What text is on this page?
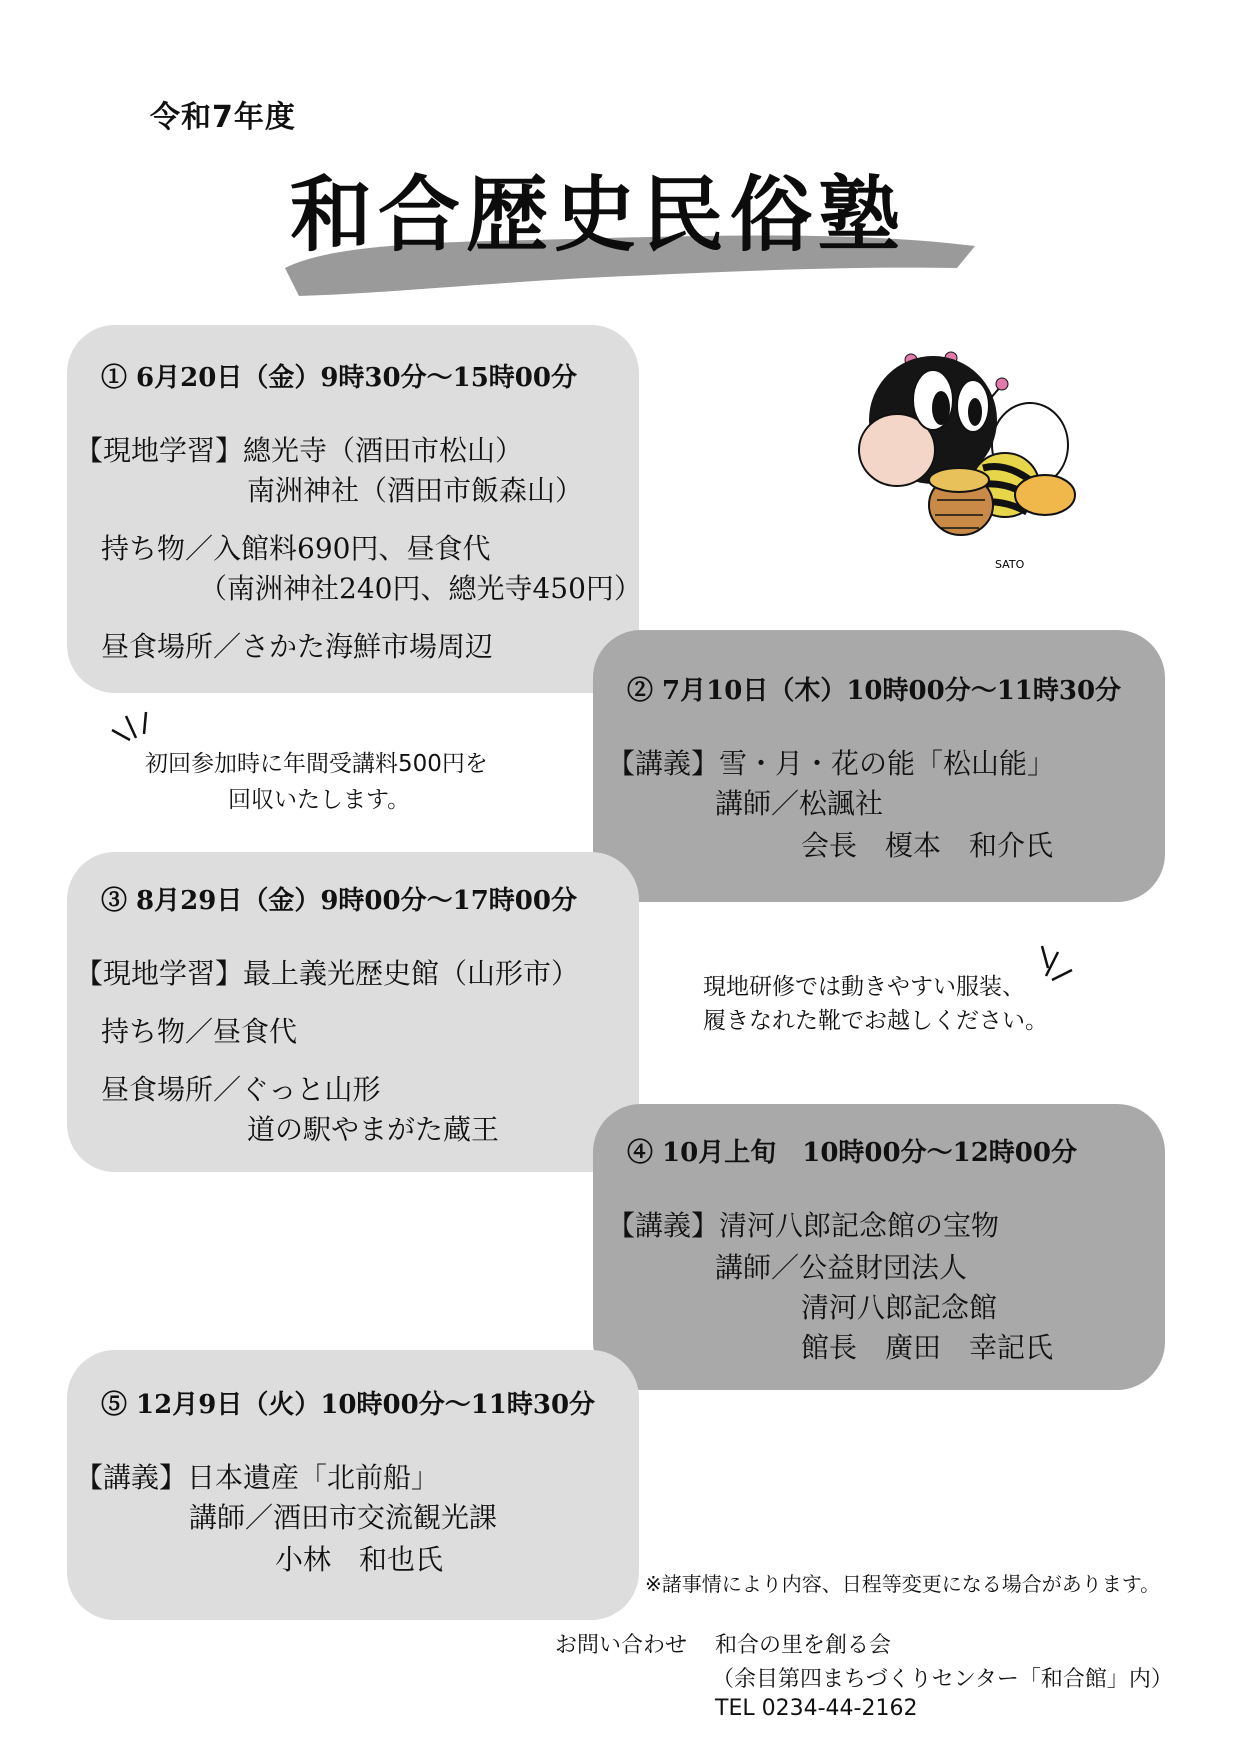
令和7年度
和合歴史民俗塾
① 6月20日（金）9時30分～15時00分
【現地学習】總光寺（酒田市松山）
南洲神社（酒田市飯森山）
持ち物／入館料690円、昼食代
（南洲神社240円、總光寺450円）
昼食場所／さかた海鮮市場周辺
SATO
② 7月10日（木）10時00分～11時30分
【講義】雪・月・花の能「松山能」
講師／松諷社
会長　榎本　和介氏
初回参加時に年間受講料500円を
回収いたします。
③ 8月29日（金）9時00分～17時00分
【現地学習】最上義光歴史館（山形市）
持ち物／昼食代
昼食場所／ぐっと山形
道の駅やまがた蔵王
現地研修では動きやすい服装、
履きなれた靴でお越しください。
④ 10月上旬　10時00分～12時00分
【講義】清河八郎記念館の宝物
講師／公益財団法人
清河八郎記念館
館長　廣田　幸記氏
⑤ 12月9日（火）10時00分～11時30分
【講義】日本遺産「北前船」
講師／酒田市交流観光課
小林　和也氏
※諸事情により内容、日程等変更になる場合があります。
お問い合わせ 和合の里を創る会
（余目第四まちづくりセンター「和合館」内）
TEL 0234-44-2162
